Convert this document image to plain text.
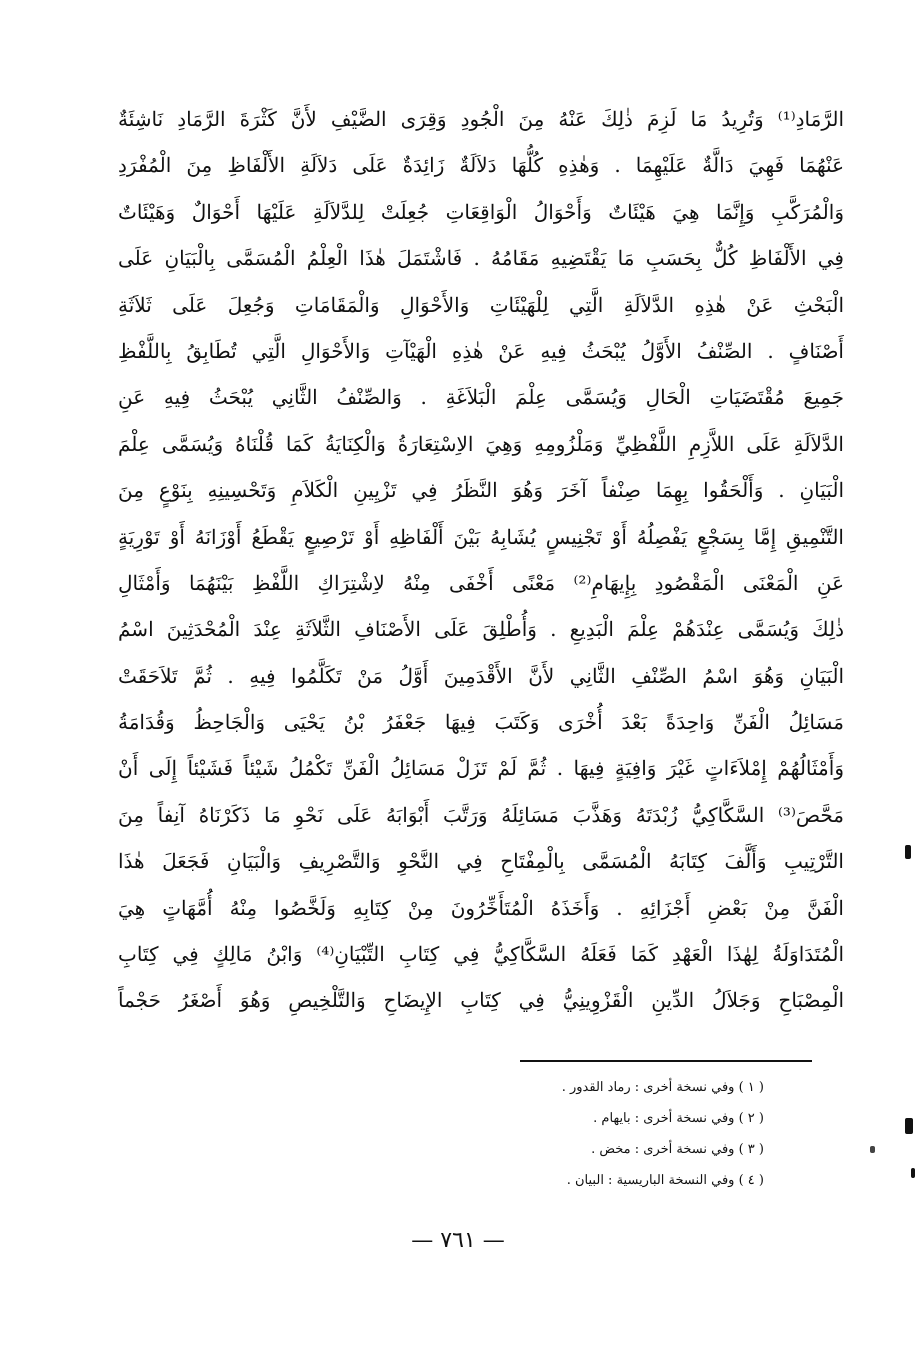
الرَّمَادِ⁽¹⁾ وَتُرِيدُ مَا لَزِمَ ذٰلِكَ عَنْهُ مِنَ الْجُودِ وَقِرَى الضَّيْفِ لأَنَّ كَثْرَةَ الرَّمَادِ نَاشِئَةٌ
عَنْهُمَا فَهِيَ دَالَّةٌ عَلَيْهِمَا . وَهٰذِهِ كُلُّهَا دَلاَلَةٌ زَائِدَةٌ عَلَى دَلاَلَةِ الأَلْفَاظِ مِنَ الْمُفْرَدِ
وَالْمُرَكَّبِ وَإِنَّمَا هِيَ هَيْئَاتٌ وَأَحْوَالُ الْوَاقِعَاتِ جُعِلَتْ لِلدَّلاَلَةِ عَلَيْهَا أَحْوَالٌ وَهَيْئَاتٌ
فِي الأَلْفَاظِ كُلٌّ بِحَسَبِ مَا يَقْتَضِيهِ مَقَامُهُ . فَاشْتَمَلَ هٰذَا الْعِلْمُ الْمُسَمَّى بِالْبَيَانِ عَلَى
الْبَحْثِ عَنْ هٰذِهِ الدَّلاَلَةِ الَّتِي لِلْهَيْئَاتِ وَالأَحْوَالِ وَالْمَقَامَاتِ وَجُعِلَ عَلَى ثَلاَثَةِ
أَصْنَافٍ . الصِّنْفُ الأَوَّلُ يُبْحَثُ فِيهِ عَنْ هٰذِهِ الْهَيْآتِ وَالأَحْوَالِ الَّتِي تُطَابِقُ بِاللَّفْظِ
جَمِيعَ مُقْتَضَيَاتِ الْحَالِ وَيُسَمَّى عِلْمَ الْبَلاَغَةِ . وَالصِّنْفُ الثَّانِي يُبْحَثُ فِيهِ عَنِ
الدَّلاَلَةِ عَلَى اللاَّزِمِ اللَّفْظِيِّ وَمَلْزُومِهِ وَهِيَ الاِسْتِعَارَةُ وَالْكِنَايَةُ كَمَا قُلْنَاهُ وَيُسَمَّى عِلْمَ
الْبَيَانِ . وَأَلْحَقُوا بِهِمَا صِنْفاً آخَرَ وَهُوَ النَّظَرُ فِي تَزْيِينِ الْكَلاَمِ وَتَحْسِينِهِ بِنَوْعٍ مِنَ
التَّنْمِيقِ إِمَّا بِسَجْعٍ يَفْصِلُهُ أَوْ تَجْنِيسٍ يُشَابِهُ بَيْنَ أَلْفَاظِهِ أَوْ تَرْصِيعٍ يَقْطَعُ أَوْزَانَهُ أَوْ تَوْرِيَةٍ
عَنِ الْمَعْنَى الْمَقْصُودِ بِإِيهَامِ⁽²⁾ مَعْنًى أَخْفَى مِنْهُ لاِشْتِرَاكِ اللَّفْظِ بَيْنَهُمَا وَأَمْثَالِ
ذٰلِكَ وَيُسَمَّى عِنْدَهُمْ عِلْمَ الْبَدِيعِ . وَأُطْلِقَ عَلَى الأَصْنَافِ الثَّلاَثَةِ عِنْدَ الْمُحْدَثِينَ اسْمُ
الْبَيَانِ وَهُوَ اسْمُ الصِّنْفِ الثَّانِي لأَنَّ الأَقْدَمِينَ أَوَّلُ مَنْ تَكَلَّمُوا فِيهِ . ثُمَّ تَلاَحَقَتْ
مَسَائِلُ الْفَنِّ وَاحِدَةً بَعْدَ أُخْرَى وَكَتَبَ فِيهَا جَعْفَرُ بْنُ يَحْيَى وَالْجَاحِظُ وَقُدَامَةُ
وَأَمْثَالُهُمْ إِمْلاَءَاتٍ غَيْرَ وَافِيَةٍ فِيهَا . ثُمَّ لَمْ تَزَلْ مَسَائِلُ الْفَنِّ تَكْمُلُ شَيْئاً فَشَيْئاً إِلَى أَنْ
مَحَّصَ⁽³⁾ السَّكَّاكِيُّ زُبْدَتَهُ وَهَذَّبَ مَسَائِلَهُ وَرَتَّبَ أَبْوَابَهُ عَلَى نَحْوِ مَا ذَكَرْنَاهُ آنِفاً مِنَ
التَّرْتِيبِ وَأَلَّفَ كِتَابَهُ الْمُسَمَّى بِالْمِفْتَاحِ فِي النَّحْوِ وَالتَّصْرِيفِ وَالْبَيَانِ فَجَعَلَ هٰذَا
الْفَنَّ مِنْ بَعْضِ أَجْزَائِهِ . وَأَخَذَهُ الْمُتَأَخِّرُونَ مِنْ كِتَابِهِ وَلَخَّصُوا مِنْهُ أُمَّهَاتٍ هِيَ
الْمُتَدَاوَلَةُ لِهٰذَا الْعَهْدِ كَمَا فَعَلَهُ السَّكَّاكِيُّ فِي كِتَابِ التِّبْيَانِ⁽⁴⁾ وَابْنُ مَالِكٍ فِي كِتَابِ
الْمِصْبَاحِ وَجَلاَلُ الدِّينِ الْقَزْوِينِيُّ فِي كِتَابِ الإِيضَاحِ وَالتَّلْخِيصِ وَهُوَ أَصْغَرُ حَجْماً
( ١ ) وفي نسخة أخرى : رماد القدور .
( ٢ ) وفي نسخة أخرى : بايهام .
( ٣ ) وفي نسخة أخرى : مخض .
( ٤ ) وفي النسخة الباريسية : البيان .
— ٧٦١ —
